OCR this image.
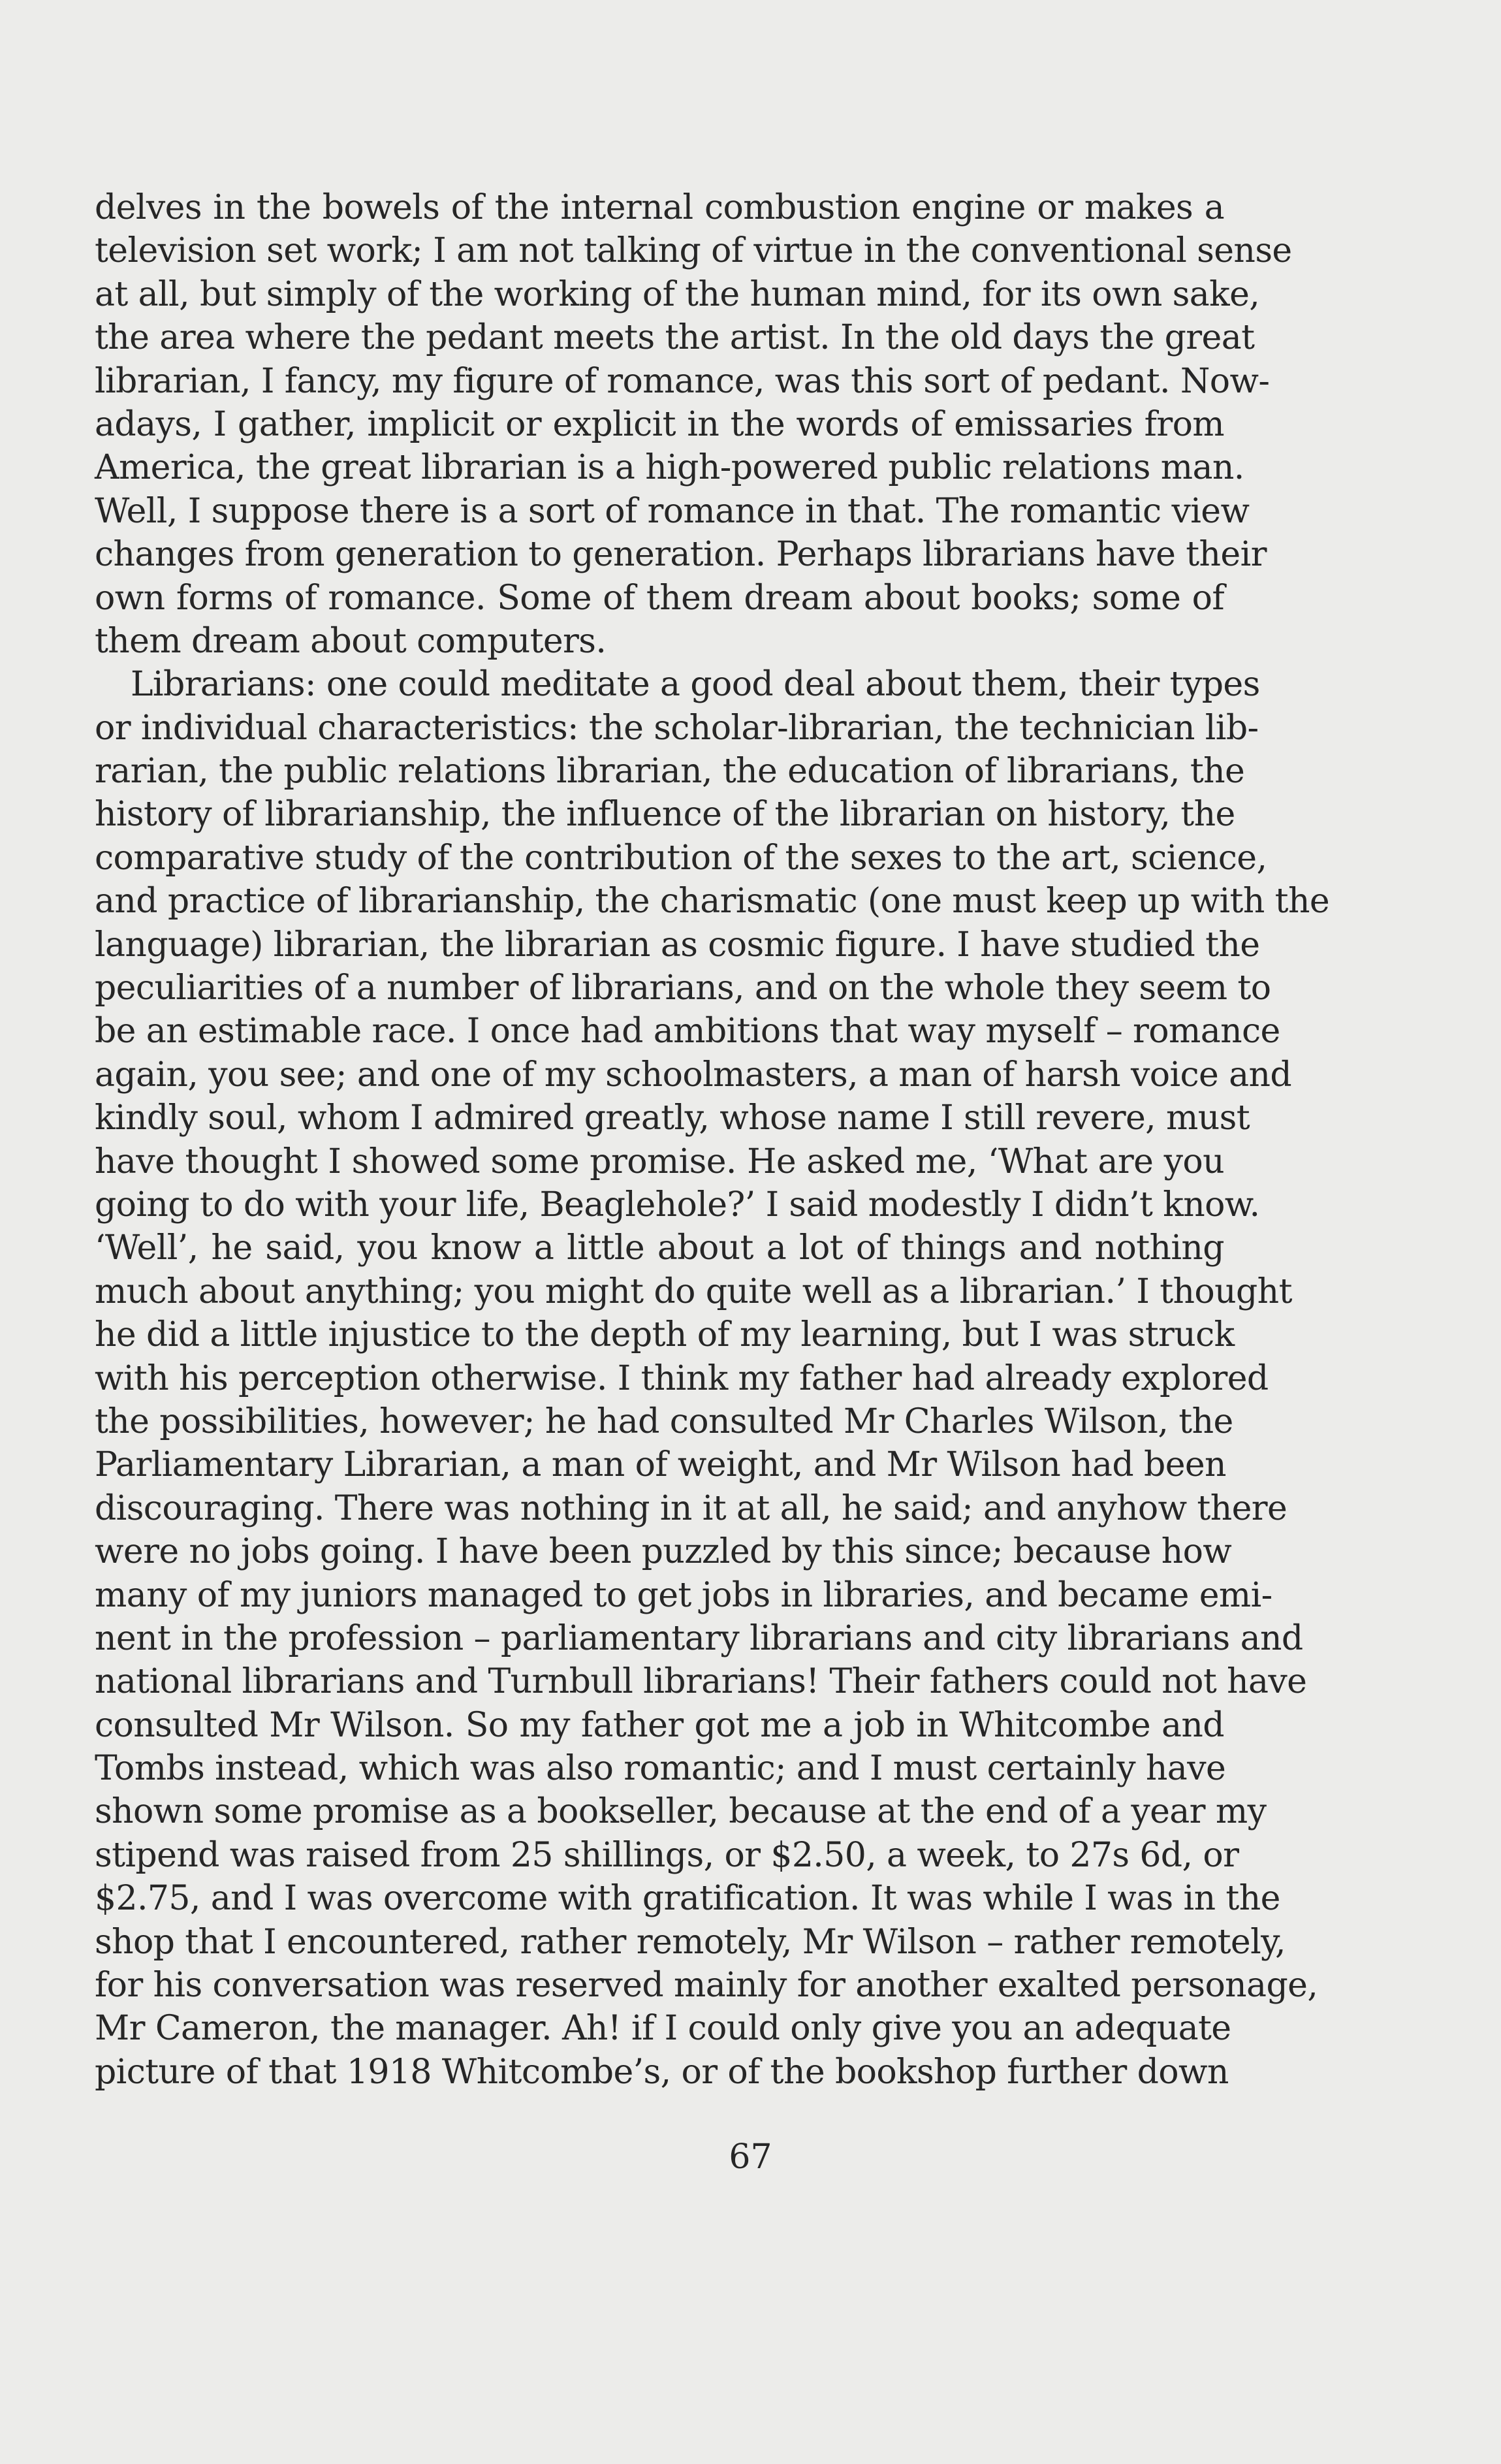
delves in the bowels of the internal combustion engine or makes a
television set work; I am not talking of virtue in the conventional sense
at all, but simply of the working of the human mind, for its own sake,
the area where the pedant meets the artist. In the old days the great
librarian, I fancy, my figure of romance, was this sort of pedant. Now-
adays, I gather, implicit or explicit in the words of emissaries from
America, the great librarian is a high-powered public relations man.
Well, I suppose there is a sort of romance in that. The romantic view
changes from generation to generation. Perhaps librarians have their
own forms of romance. Some of them dream about books; some of
them dream about computers.
Librarians: one could meditate a good deal about them, their types
or individual characteristics: the scholar-librarian, the technician lib-
rarian, the public relations librarian, the education of librarians, the
history of librarianship, the influence of the librarian on history, the
comparative study of the contribution of the sexes to the art, science,
and practice of librarianship, the charismatic (one must keep up with the
language) librarian, the librarian as cosmic figure. I have studied the
peculiarities of a number of librarians, and on the whole they seem to
be an estimable race. I once had ambitions that way myself – romance
again, you see; and one of my schoolmasters, a man of harsh voice and
kindly soul, whom I admired greatly, whose name I still revere, must
have thought I showed some promise. He asked me, ‘What are you
going to do with your life, Beaglehole?’ I said modestly I didn’t know.
‘Well’, he said, you know a little about a lot of things and nothing
much about anything; you might do quite well as a librarian.’ I thought
he did a little injustice to the depth of my learning, but I was struck
with his perception otherwise. I think my father had already explored
the possibilities, however; he had consulted Mr Charles Wilson, the
Parliamentary Librarian, a man of weight, and Mr Wilson had been
discouraging. There was nothing in it at all, he said; and anyhow there
were no jobs going. I have been puzzled by this since; because how
many of my juniors managed to get jobs in libraries, and became emi-
nent in the profession – parliamentary librarians and city librarians and
national librarians and Turnbull librarians! Their fathers could not have
consulted Mr Wilson. So my father got me a job in Whitcombe and
Tombs instead, which was also romantic; and I must certainly have
shown some promise as a bookseller, because at the end of a year my
stipend was raised from 25 shillings, or $2.50, a week, to 27s 6d, or
$2.75, and I was overcome with gratification. It was while I was in the
shop that I encountered, rather remotely, Mr Wilson – rather remotely,
for his conversation was reserved mainly for another exalted personage,
Mr Cameron, the manager. Ah! if I could only give you an adequate
picture of that 1918 Whitcombe’s, or of the bookshop further down
67
